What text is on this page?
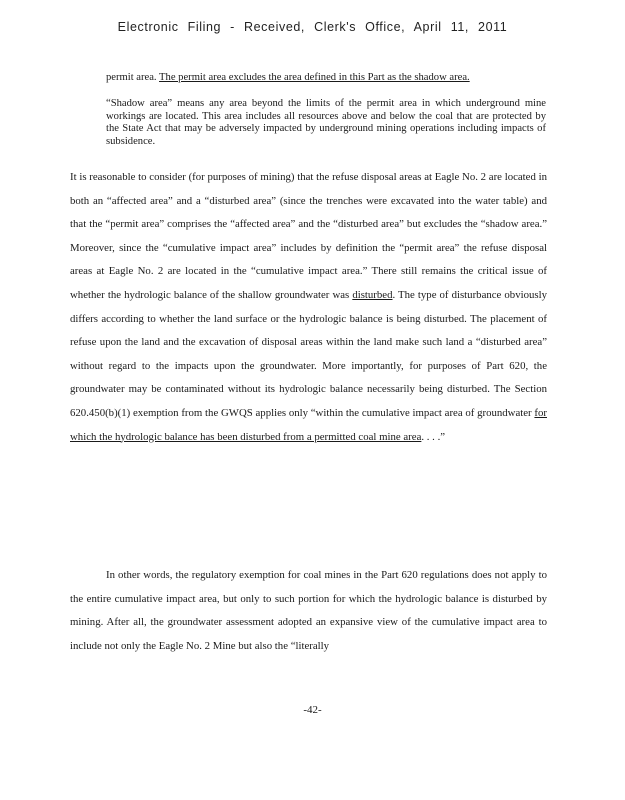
Electronic Filing - Received, Clerk's Office, April 11, 2011
permit area. The permit area excludes the area defined in this Part as the shadow area.
“Shadow area” means any area beyond the limits of the permit area in which underground mine workings are located. This area includes all resources above and below the coal that are protected by the State Act that may be adversely impacted by underground mining operations including impacts of subsidence.
It is reasonable to consider (for purposes of mining) that the refuse disposal areas at Eagle No. 2 are located in both an “affected area” and a “disturbed area” (since the trenches were excavated into the water table) and that the “permit area” comprises the “affected area” and the “disturbed area” but excludes the “shadow area.” Moreover, since the “cumulative impact area” includes by definition the “permit area” the refuse disposal areas at Eagle No. 2 are located in the “cumulative impact area.” There still remains the critical issue of whether the hydrologic balance of the shallow groundwater was disturbed. The type of disturbance obviously differs according to whether the land surface or the hydrologic balance is being disturbed. The placement of refuse upon the land and the excavation of disposal areas within the land make such land a “disturbed area” without regard to the impacts upon the groundwater. More importantly, for purposes of Part 620, the groundwater may be contaminated without its hydrologic balance necessarily being disturbed. The Section 620.450(b)(1) exemption from the GWQS applies only “within the cumulative impact area of groundwater for which the hydrologic balance has been disturbed from a permitted coal mine area. . . .”
In other words, the regulatory exemption for coal mines in the Part 620 regulations does not apply to the entire cumulative impact area, but only to such portion for which the hydrologic balance is disturbed by mining. After all, the groundwater assessment adopted an expansive view of the cumulative impact area to include not only the Eagle No. 2 Mine but also the “literally
-42-
